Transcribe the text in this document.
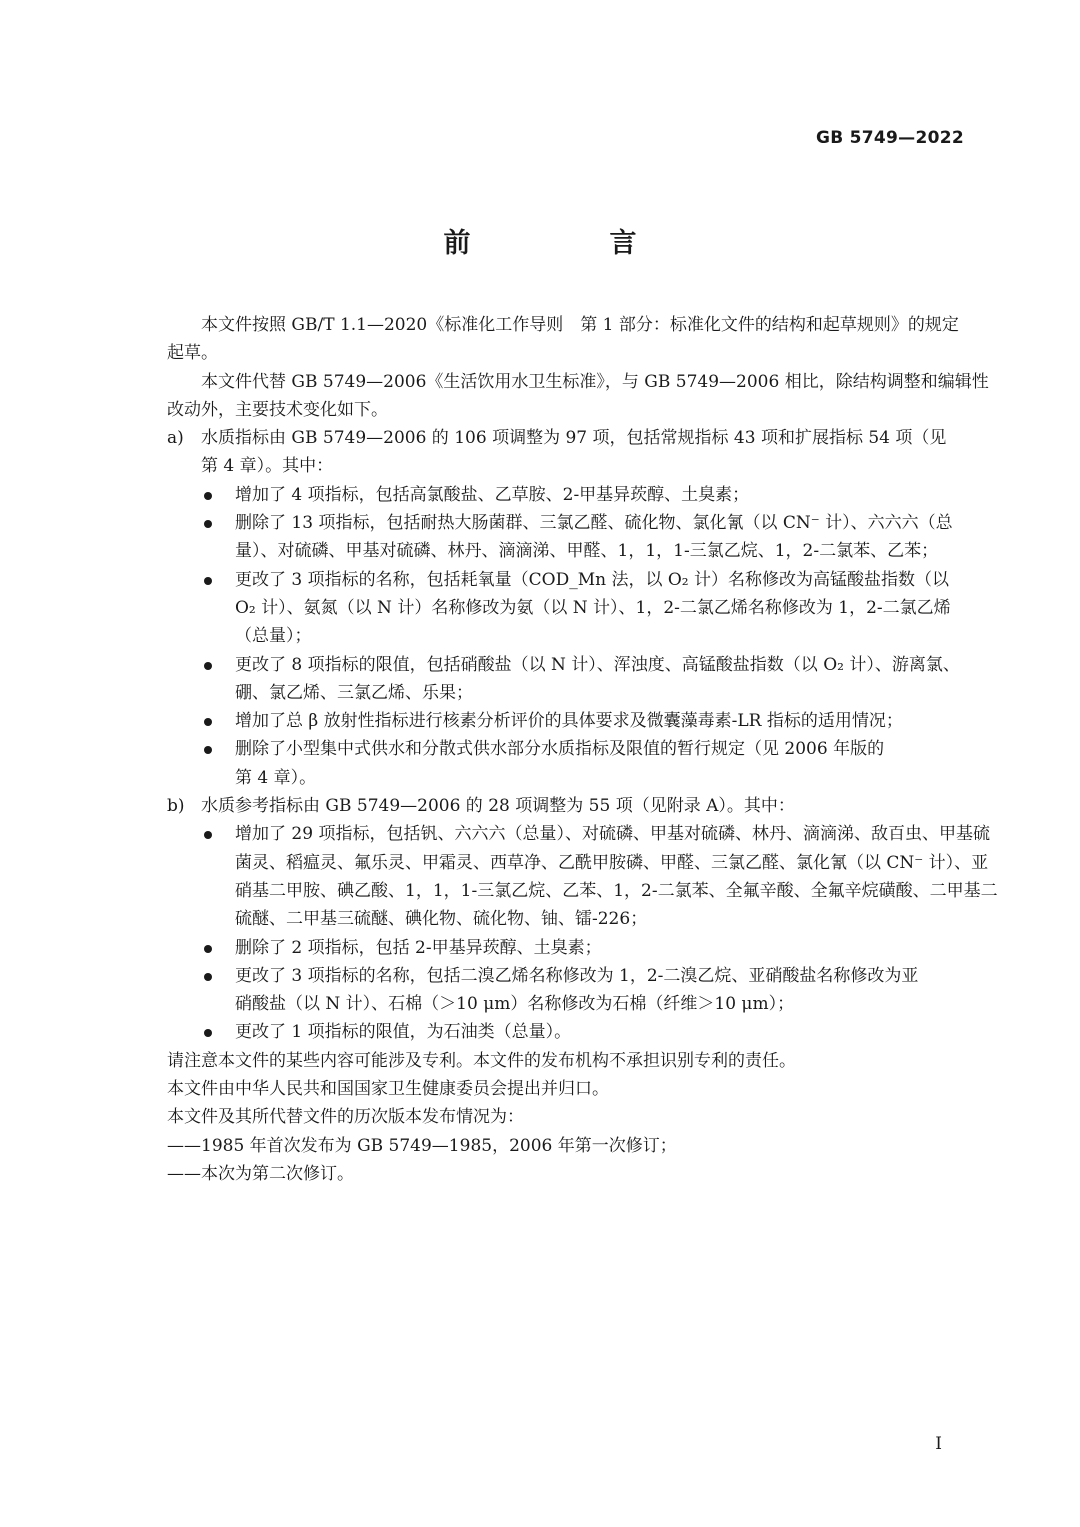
GB 5749—2022
前　言
本文件按照 GB/T 1.1—2020《标准化工作导则　第 1 部分：标准化文件的结构和起草规则》的规定
起草。
本文件代替 GB 5749—2006《生活饮用水卫生标准》，与 GB 5749—2006 相比，除结构调整和编辑性
改动外，主要技术变化如下。
a) 水质指标由 GB 5749—2006 的 106 项调整为 97 项，包括常规指标 43 项和扩展指标 54 项（见
第 4 章）。其中：
增加了 4 项指标，包括高氯酸盐、乙草胺、2-甲基异莰醇、土臭素；
删除了 13 项指标，包括耐热大肠菌群、三氯乙醛、硫化物、氯化氰（以 CN⁻ 计）、六六六（总
量）、对硫磷、甲基对硫磷、林丹、滴滴涕、甲醛、1，1，1-三氯乙烷、1，2-二氯苯、乙苯；
更改了 3 项指标的名称，包括耗氧量（COD_Mn 法，以 O₂ 计）名称修改为高锰酸盐指数（以
O₂ 计）、氨氮（以 N 计）名称修改为氨（以 N 计）、1，2-二氯乙烯名称修改为 1，2-二氯乙烯
（总量）；
更改了 8 项指标的限值，包括硝酸盐（以 N 计）、浑浊度、高锰酸盐指数（以 O₂ 计）、游离氯、
硼、氯乙烯、三氯乙烯、乐果；
增加了总 β 放射性指标进行核素分析评价的具体要求及微囊藻毒素-LR 指标的适用情况；
删除了小型集中式供水和分散式供水部分水质指标及限值的暂行规定（见 2006 年版的
第 4 章）。
b) 水质参考指标由 GB 5749—2006 的 28 项调整为 55 项（见附录 A）。其中：
增加了 29 项指标，包括钒、六六六（总量）、对硫磷、甲基对硫磷、林丹、滴滴涕、敌百虫、甲基硫
菌灵、稻瘟灵、氟乐灵、甲霜灵、西草净、乙酰甲胺磷、甲醛、三氯乙醛、氯化氰（以 CN⁻ 计）、亚
硝基二甲胺、碘乙酸、1，1，1-三氯乙烷、乙苯、1，2-二氯苯、全氟辛酸、全氟辛烷磺酸、二甲基二
硫醚、二甲基三硫醚、碘化物、硫化物、铀、镭-226；
删除了 2 项指标，包括 2-甲基异莰醇、土臭素；
更改了 3 项指标的名称，包括二溴乙烯名称修改为 1，2-二溴乙烷、亚硝酸盐名称修改为亚
硝酸盐（以 N 计）、石棉（＞10 μm）名称修改为石棉（纤维＞10 μm）；
更改了 1 项指标的限值，为石油类（总量）。
请注意本文件的某些内容可能涉及专利。本文件的发布机构不承担识别专利的责任。
本文件由中华人民共和国国家卫生健康委员会提出并归口。
本文件及其所代替文件的历次版本发布情况为：
——1985 年首次发布为 GB 5749—1985，2006 年第一次修订；
——本次为第二次修订。
I
